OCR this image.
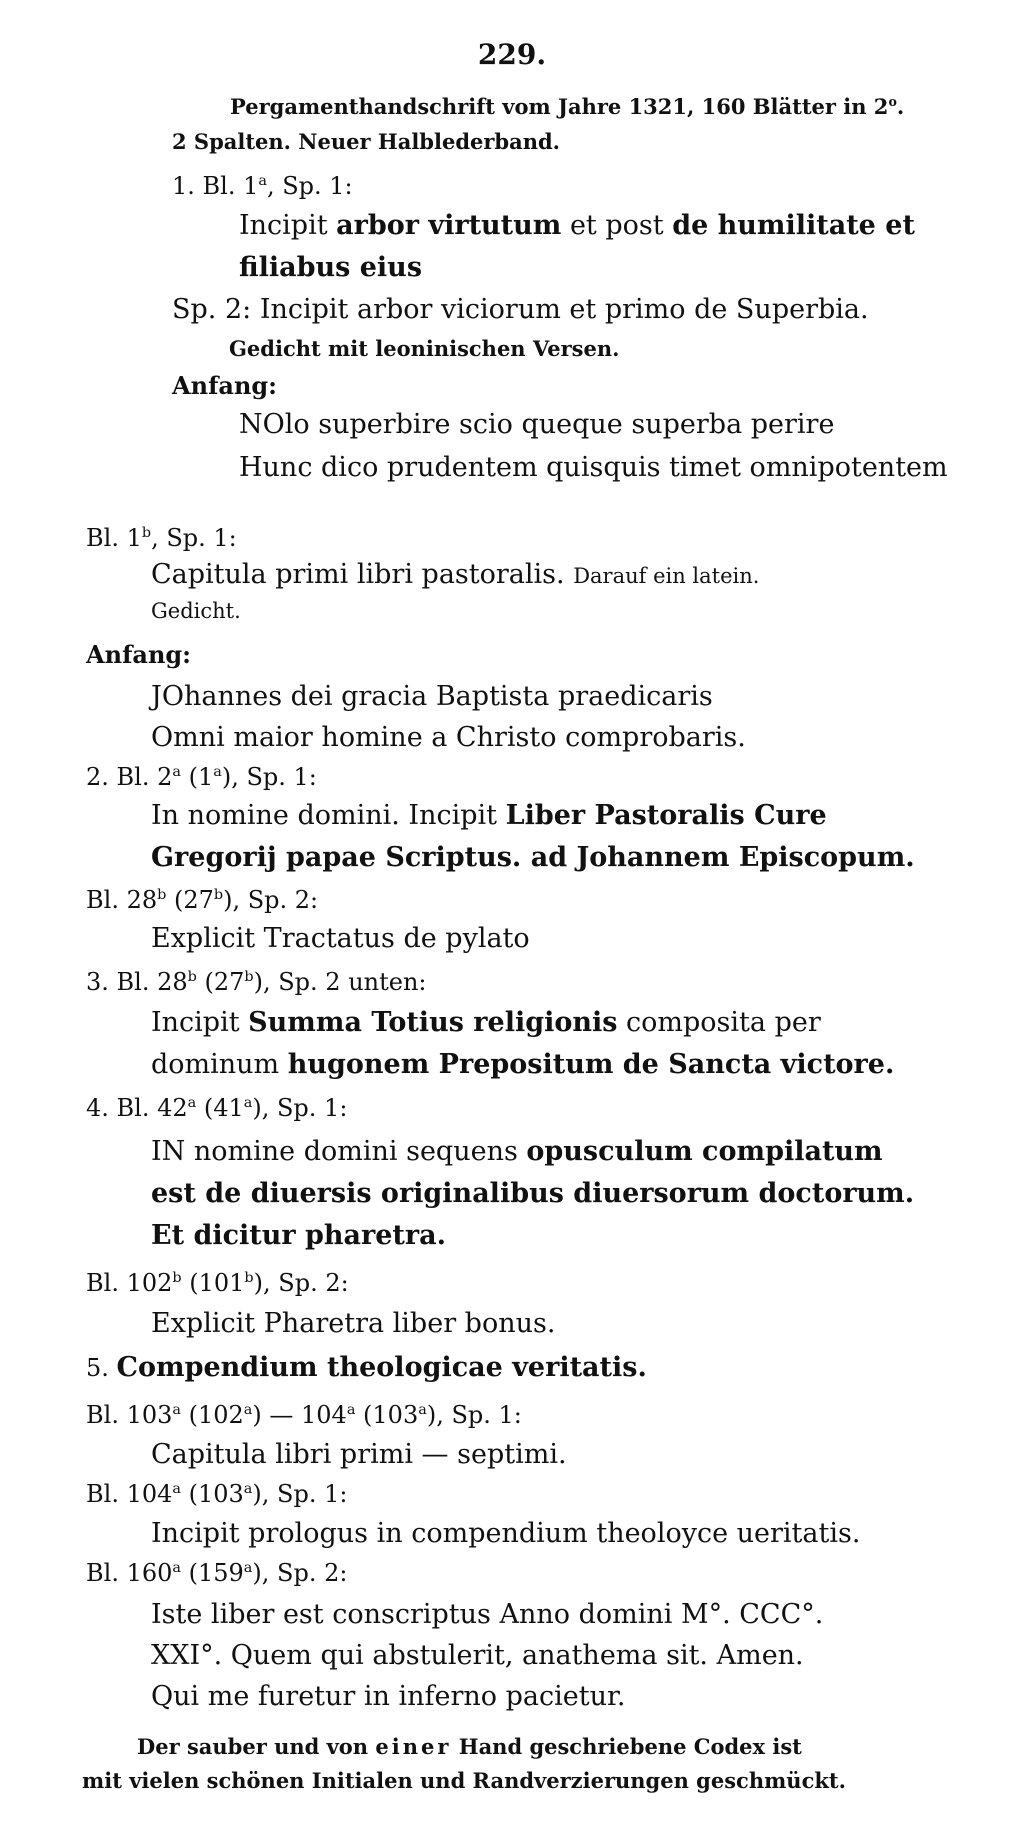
229.
Pergamenthandschrift vom Jahre 1321, 160 Blätter in 2$^o$.
2 Spalten. Neuer Halblederband.
1. Bl. 1$^a$, Sp. 1:
Incipit arbor virtutum et post de humilitate et
filiabus eius
Sp. 2: Incipit arbor viciorum et primo de Superbia.
Gedicht mit leoninischen Versen.
Anfang:
NOlo superbire scio queque superba perire
Hunc dico prudentem quisquis timet omnipotentem
Bl. 1$^b$, Sp. 1:
Capitula primi libri pastoralis. Darauf ein latein.
Gedicht.
Anfang:
JOhannes dei gracia Baptista praedicaris
Omni maior homine a Christo comprobaris.
2. Bl. 2$^a$ (1$^a$), Sp. 1:
In nomine domini. Incipit Liber Pastoralis Cure
Gregorij papae Scriptus. ad Johannem Episcopum.
Bl. 28$^b$ (27$^b$), Sp. 2:
Explicit Tractatus de pylato
3. Bl. 28$^b$ (27$^b$), Sp. 2 unten:
Incipit Summa Totius religionis composita per
dominum hugonem Prepositum de Sancta victore.
4. Bl. 42$^a$ (41$^a$), Sp. 1:
IN nomine domini sequens opusculum compilatum
est de diuersis originalibus diuersorum doctorum.
Et dicitur pharetra.
Bl. 102$^b$ (101$^b$), Sp. 2:
Explicit Pharetra liber bonus.
5. Compendium theologicae veritatis.
Bl. 103$^a$ (102$^a$) — 104$^a$ (103$^a$), Sp. 1:
Capitula libri primi — septimi.
Bl. 104$^a$ (103$^a$), Sp. 1:
Incipit prologus in compendium theoloyce ueritatis.
Bl. 160$^a$ (159$^a$), Sp. 2:
Iste liber est conscriptus Anno domini M°. CCC°.
XXI°. Quem qui abstulerit, anathema sit. Amen.
Qui me furetur in inferno pacietur.
Der sauber und von einer Hand geschriebene Codex ist
mit vielen schönen Initialen und Randverzierungen geschmückt.
